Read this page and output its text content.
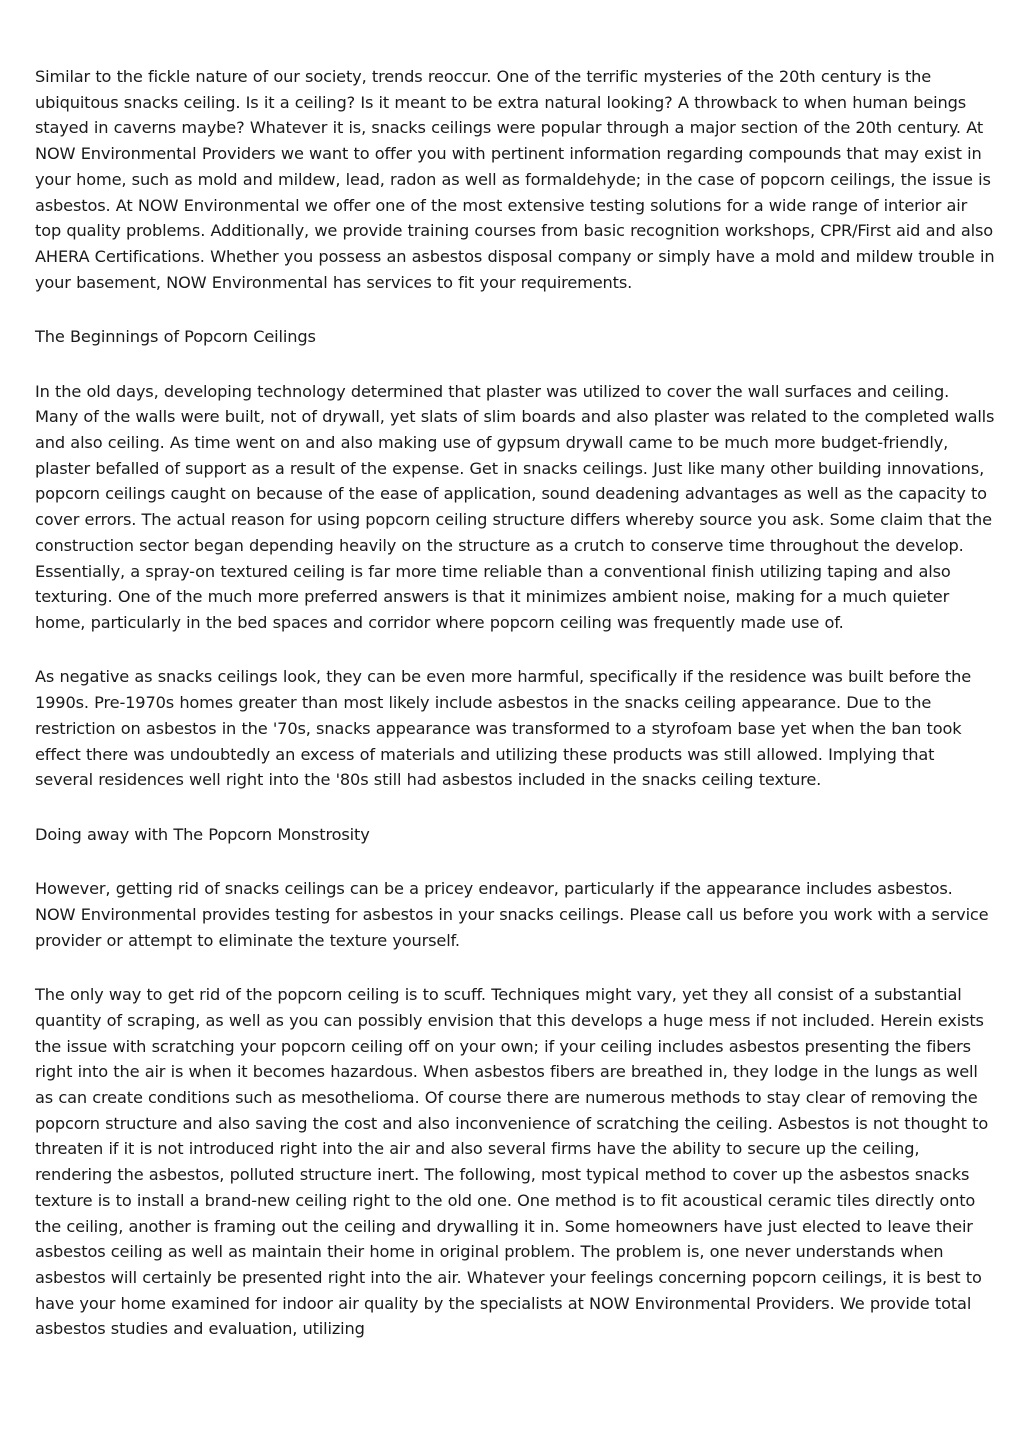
Similar to the fickle nature of our society, trends reoccur. One of the terrific mysteries of the 20th century is the ubiquitous snacks ceiling. Is it a ceiling? Is it meant to be extra natural looking? A throwback to when human beings stayed in caverns maybe? Whatever it is, snacks ceilings were popular through a major section of the 20th century. At NOW Environmental Providers we want to offer you with pertinent information regarding compounds that may exist in your home, such as mold and mildew, lead, radon as well as formaldehyde; in the case of popcorn ceilings, the issue is asbestos. At NOW Environmental we offer one of the most extensive testing solutions for a wide range of interior air top quality problems. Additionally, we provide training courses from basic recognition workshops, CPR/First aid and also AHERA Certifications. Whether you possess an asbestos disposal company or simply have a mold and mildew trouble in your basement, NOW Environmental has services to fit your requirements.

The Beginnings of Popcorn Ceilings

In the old days, developing technology determined that plaster was utilized to cover the wall surfaces and ceiling. Many of the walls were built, not of drywall, yet slats of slim boards and also plaster was related to the completed walls and also ceiling. As time went on and also making use of gypsum drywall came to be much more budget-friendly, plaster befalled of support as a result of the expense. Get in snacks ceilings. Just like many other building innovations, popcorn ceilings caught on because of the ease of application, sound deadening advantages as well as the capacity to cover errors. The actual reason for using popcorn ceiling structure differs whereby source you ask. Some claim that the construction sector began depending heavily on the structure as a crutch to conserve time throughout the develop. Essentially, a spray-on textured ceiling is far more time reliable than a conventional finish utilizing taping and also texturing. One of the much more preferred answers is that it minimizes ambient noise, making for a much quieter home, particularly in the bed spaces and corridor where popcorn ceiling was frequently made use of.

As negative as snacks ceilings look, they can be even more harmful, specifically if the residence was built before the 1990s. Pre-1970s homes greater than most likely include asbestos in the snacks ceiling appearance. Due to the restriction on asbestos in the '70s, snacks appearance was transformed to a styrofoam base yet when the ban took effect there was undoubtedly an excess of materials and utilizing these products was still allowed. Implying that several residences well right into the '80s still had asbestos included in the snacks ceiling texture.

Doing away with The Popcorn Monstrosity

However, getting rid of snacks ceilings can be a pricey endeavor, particularly if the appearance includes asbestos. NOW Environmental provides testing for asbestos in your snacks ceilings. Please call us before you work with a service provider or attempt to eliminate the texture yourself.

The only way to get rid of the popcorn ceiling is to scuff. Techniques might vary, yet they all consist of a substantial quantity of scraping, as well as you can possibly envision that this develops a huge mess if not included. Herein exists the issue with scratching your popcorn ceiling off on your own; if your ceiling includes asbestos presenting the fibers right into the air is when it becomes hazardous. When asbestos fibers are breathed in, they lodge in the lungs as well as can create conditions such as mesothelioma. Of course there are numerous methods to stay clear of removing the popcorn structure and also saving the cost and also inconvenience of scratching the ceiling. Asbestos is not thought to threaten if it is not introduced right into the air and also several firms have the ability to secure up the ceiling, rendering the asbestos, polluted structure inert. The following, most typical method to cover up the asbestos snacks texture is to install a brand-new ceiling right to the old one. One method is to fit acoustical ceramic tiles directly onto the ceiling, another is framing out the ceiling and drywalling it in. Some homeowners have just elected to leave their asbestos ceiling as well as maintain their home in original problem. The problem is, one never understands when asbestos will certainly be presented right into the air. Whatever your feelings concerning popcorn ceilings, it is best to have your home examined for indoor air quality by the specialists at NOW Environmental Providers. We provide total asbestos studies and evaluation, utilizing
